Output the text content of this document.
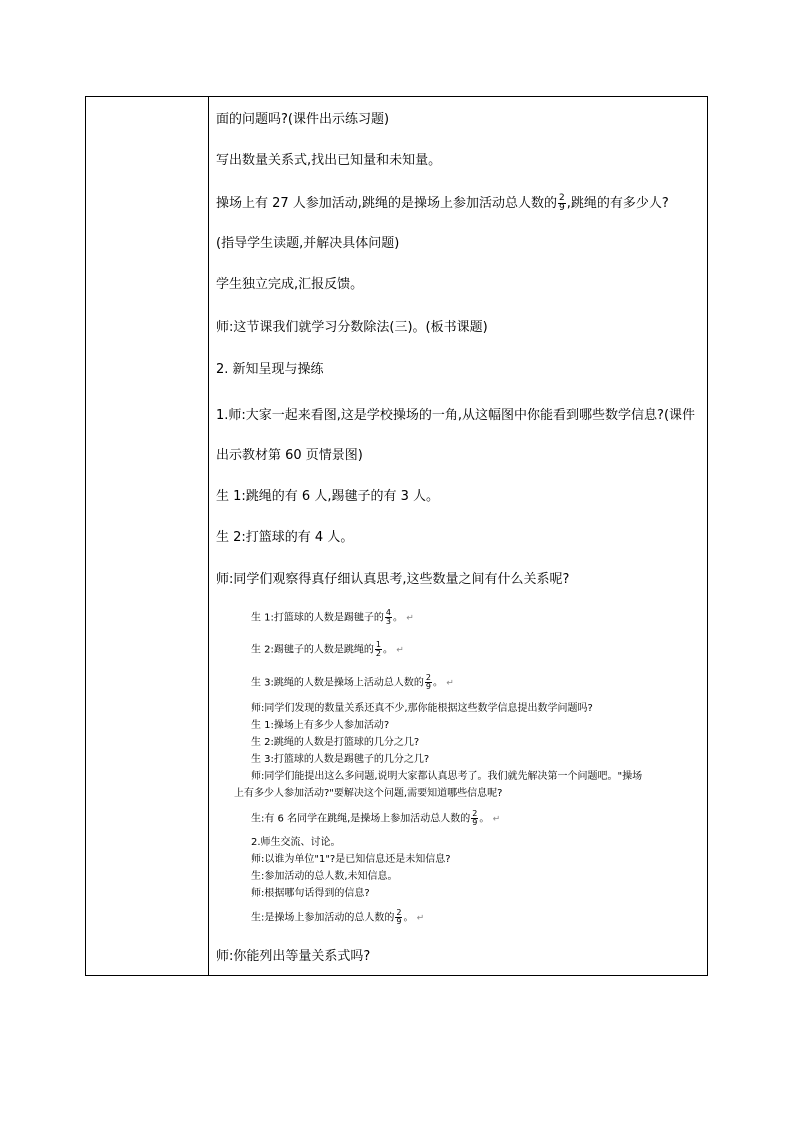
面的问题吗?(课件出示练习题)
写出数量关系式,找出已知量和未知量。
操场上有 27 人参加活动,跳绳的是操场上参加活动总人数的 $\frac{2}{9}$ ,跳绳的有多少人?
(指导学生读题,并解决具体问题)
学生独立完成,汇报反馈。
师:这节课我们就学习分数除法(三)。(板书课题)
2. 新知呈现与操练
1.师:大家一起来看图,这是学校操场的一角,从这幅图中你能看到哪些数学信息?(课件出示教材第 60 页情景图)
生 1:跳绳的有 6 人,踢毽子的有 3 人。
生 2:打篮球的有 4 人。
师:同学们观察得真仔细认真思考,这些数量之间有什么关系呢?
生 1:打篮球的人数是踢毽子的 $\frac{4}{3}$ 。 ↵
生 2:踢毽子的人数是跳绳的 $\frac{1}{2}$ 。 ↵
生 3:跳绳的人数是操场上活动总人数的 $\frac{2}{9}$ 。 ↵
师:同学们发现的数量关系还真不少,那你能根据这些数学信息提出数学问题吗?
生 1:操场上有多少人参加活动?
生 2:跳绳的人数是打篮球的几分之几?
生 3:打篮球的人数是踢毽子的几分之几?
师:同学们能提出这么多问题,说明大家都认真思考了。我们就先解决第一个问题吧。"操场
上有多少人参加活动?"要解决这个问题,需要知道哪些信息呢?
生:有 6 名同学在跳绳,是操场上参加活动总人数的 $\frac{2}{9}$ 。 ↵
2.师生交流、讨论。
师:以谁为单位"1"?是已知信息还是未知信息?
生:参加活动的总人数,未知信息。
师:根据哪句话得到的信息?
生:是操场上参加活动的总人数的 $\frac{2}{9}$ 。 ↵
师:你能列出等量关系式吗?
